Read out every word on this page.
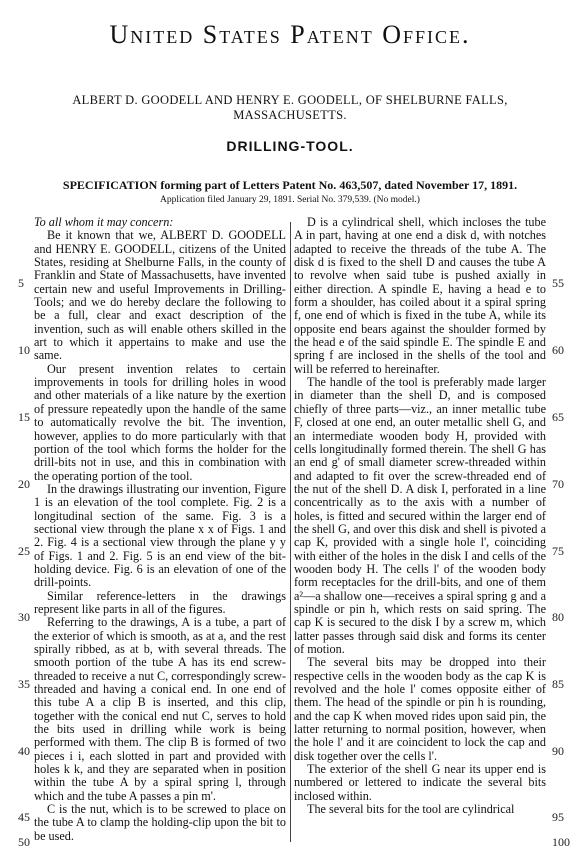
United States Patent Office.
ALBERT D. GOODELL AND HENRY E. GOODELL, OF SHELBURNE FALLS, MASSACHUSETTS.
DRILLING-TOOL.
SPECIFICATION forming part of Letters Patent No. 463,507, dated November 17, 1891.
Application filed January 29, 1891. Serial No. 379,539. (No model.)

To all whom it may concern:

Be it known that we, ALBERT D. GOODELL and HENRY E. GOODELL, citizens of the United States, residing at Shelburne Falls, in the county of Franklin and State of Massachusetts, have invented certain new and useful Improvements in Drilling-Tools; and we do hereby declare the following to be a full, clear and exact description of the invention, such as will enable others skilled in the art to which it appertains to make and use the same.

Our present invention relates to certain improvements in tools for drilling holes in wood and other materials of a like nature by the exertion of pressure repeatedly upon the handle of the same to automatically revolve the bit. The invention, however, applies to do more particularly with that portion of the tool which forms the holder for the drill-bits not in use, and this in combination with the operating portion of the tool.

In the drawings illustrating our invention, Figure 1 is an elevation of the tool complete. Fig. 2 is a longitudinal section of the same. Fig. 3 is a sectional view through the plane x x of Figs. 1 and 2. Fig. 4 is a sectional view through the plane y y of Figs. 1 and 2. Fig. 5 is an end view of the bit-holding device. Fig. 6 is an elevation of one of the drill-points.

Similar reference-letters in the drawings represent like parts in all of the figures.

Referring to the drawings, A is a tube, a part of the exterior of which is smooth, as at a, and the rest spirally ribbed, as at b, with several threads. The smooth portion of the tube A has its end screw-threaded to receive a nut C, correspondingly screw-threaded and having a conical end. In one end of this tube A a clip B is inserted, and this clip, together with the conical end nut C, serves to hold the bits used in drilling while work is being performed with them. The clip B is formed of two pieces i i, each slotted in part and provided with holes k k, and they are separated when in position within the tube A by a spiral spring l, through which and the tube A passes a pin m'.

C is the nut, which is to be screwed to place on the tube A to clamp the holding-clip upon the bit to be used.

D is a cylindrical shell, which incloses the tube A in part, having at one end a disk d, with notches adapted to receive the threads of the tube A. The disk d is fixed to the shell D and causes the tube A to revolve when said tube is pushed axially in either direction. A spindle E, having a head e to form a shoulder, has coiled about it a spiral spring f, one end of which is fixed in the tube A, while its opposite end bears against the shoulder formed by the head e of the said spindle E. The spindle E and spring f are inclosed in the shells of the tool and will be referred to hereinafter.

The handle of the tool is preferably made larger in diameter than the shell D, and is composed chiefly of three parts—viz., an inner metallic tube F, closed at one end, an outer metallic shell G, and an intermediate wooden body H, provided with cells longitudinally formed therein. The shell G has an end g' of small diameter screw-threaded within and adapted to fit over the screw-threaded end of the nut of the shell D. A disk I, perforated in a line concentrically as to the axis with a number of holes, is fitted and secured within the larger end of the shell G, and over this disk and shell is pivoted a cap K, provided with a single hole l', coinciding with either of the holes in the disk I and cells of the wooden body H. The cells l' of the wooden body form receptacles for the drill-bits, and one of them a²—a shallow one—receives a spiral spring g and a spindle or pin h, which rests on said spring. The cap K is secured to the disk I by a screw m, which latter passes through said disk and forms its center of motion.

The several bits may be dropped into their respective cells in the wooden body as the cap K is revolved and the hole l' comes opposite either of them. The head of the spindle or pin h is rounding, and the cap K when moved rides upon said pin, the latter returning to normal position, however, when the hole l' and it are coincident to lock the cap and disk together over the cells l'.

The exterior of the shell G near its upper end is numbered or lettered to indicate the several bits inclosed within.

The several bits for the tool are cylindrical

5
10
15
20
25
30
35
40
45
50
55
60
65
70
75
80
85
90
95
100
